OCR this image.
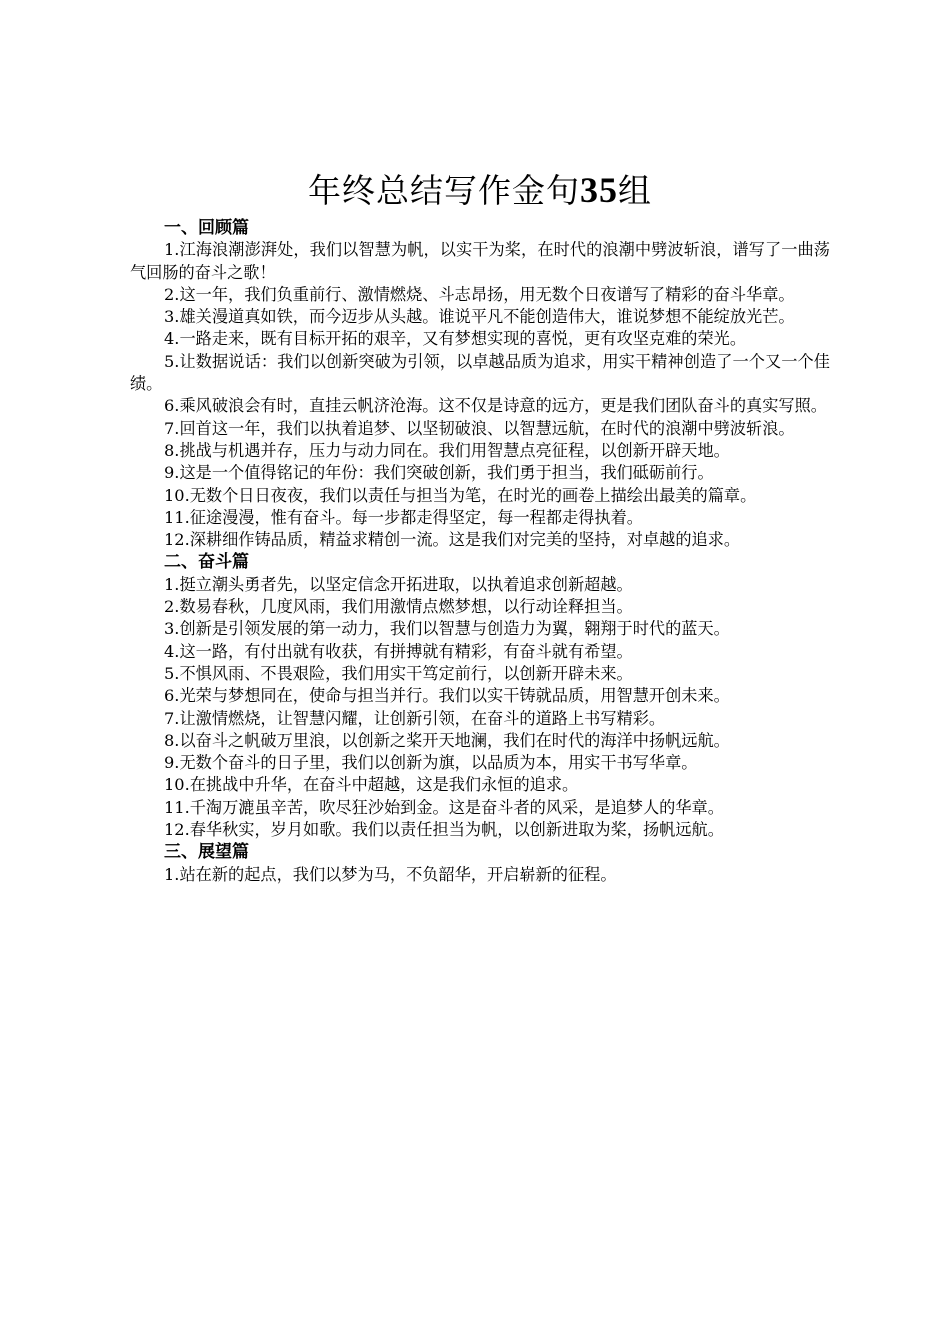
年终总结写作金句35组

一、回顾篇

1.江海浪潮澎湃处，我们以智慧为帆，以实干为桨，在时代的浪潮中劈波斩浪，谱写了一曲荡气回肠的奋斗之歌！

2.这一年，我们负重前行、激情燃烧、斗志昂扬，用无数个日夜谱写了精彩的奋斗华章。

3.雄关漫道真如铁，而今迈步从头越。谁说平凡不能创造伟大，谁说梦想不能绽放光芒。

4.一路走来，既有目标开拓的艰辛，又有梦想实现的喜悦，更有攻坚克难的荣光。

5.让数据说话：我们以创新突破为引领，以卓越品质为追求，用实干精神创造了一个又一个佳绩。

6.乘风破浪会有时，直挂云帆济沧海。这不仅是诗意的远方，更是我们团队奋斗的真实写照。

7.回首这一年，我们以执着追梦、以坚韧破浪、以智慧远航，在时代的浪潮中劈波斩浪。

8.挑战与机遇并存，压力与动力同在。我们用智慧点亮征程，以创新开辟天地。

9.这是一个值得铭记的年份：我们突破创新，我们勇于担当，我们砥砺前行。

10.无数个日日夜夜，我们以责任与担当为笔，在时光的画卷上描绘出最美的篇章。

11.征途漫漫，惟有奋斗。每一步都走得坚定，每一程都走得执着。

12.深耕细作铸品质，精益求精创一流。这是我们对完美的坚持，对卓越的追求。

二、奋斗篇

1.挺立潮头勇者先，以坚定信念开拓进取，以执着追求创新超越。

2.数易春秋，几度风雨，我们用激情点燃梦想，以行动诠释担当。

3.创新是引领发展的第一动力，我们以智慧与创造力为翼，翱翔于时代的蓝天。

4.这一路，有付出就有收获，有拼搏就有精彩，有奋斗就有希望。

5.不惧风雨、不畏艰险，我们用实干笃定前行，以创新开辟未来。

6.光荣与梦想同在，使命与担当并行。我们以实干铸就品质，用智慧开创未来。

7.让激情燃烧，让智慧闪耀，让创新引领，在奋斗的道路上书写精彩。

8.以奋斗之帆破万里浪，以创新之桨开天地澜，我们在时代的海洋中扬帆远航。

9.无数个奋斗的日子里，我们以创新为旗，以品质为本，用实干书写华章。

10.在挑战中升华，在奋斗中超越，这是我们永恒的追求。

11.千淘万漉虽辛苦，吹尽狂沙始到金。这是奋斗者的风采，是追梦人的华章。

12.春华秋实，岁月如歌。我们以责任担当为帆，以创新进取为桨，扬帆远航。

三、展望篇

1.站在新的起点，我们以梦为马，不负韶华，开启崭新的征程。
